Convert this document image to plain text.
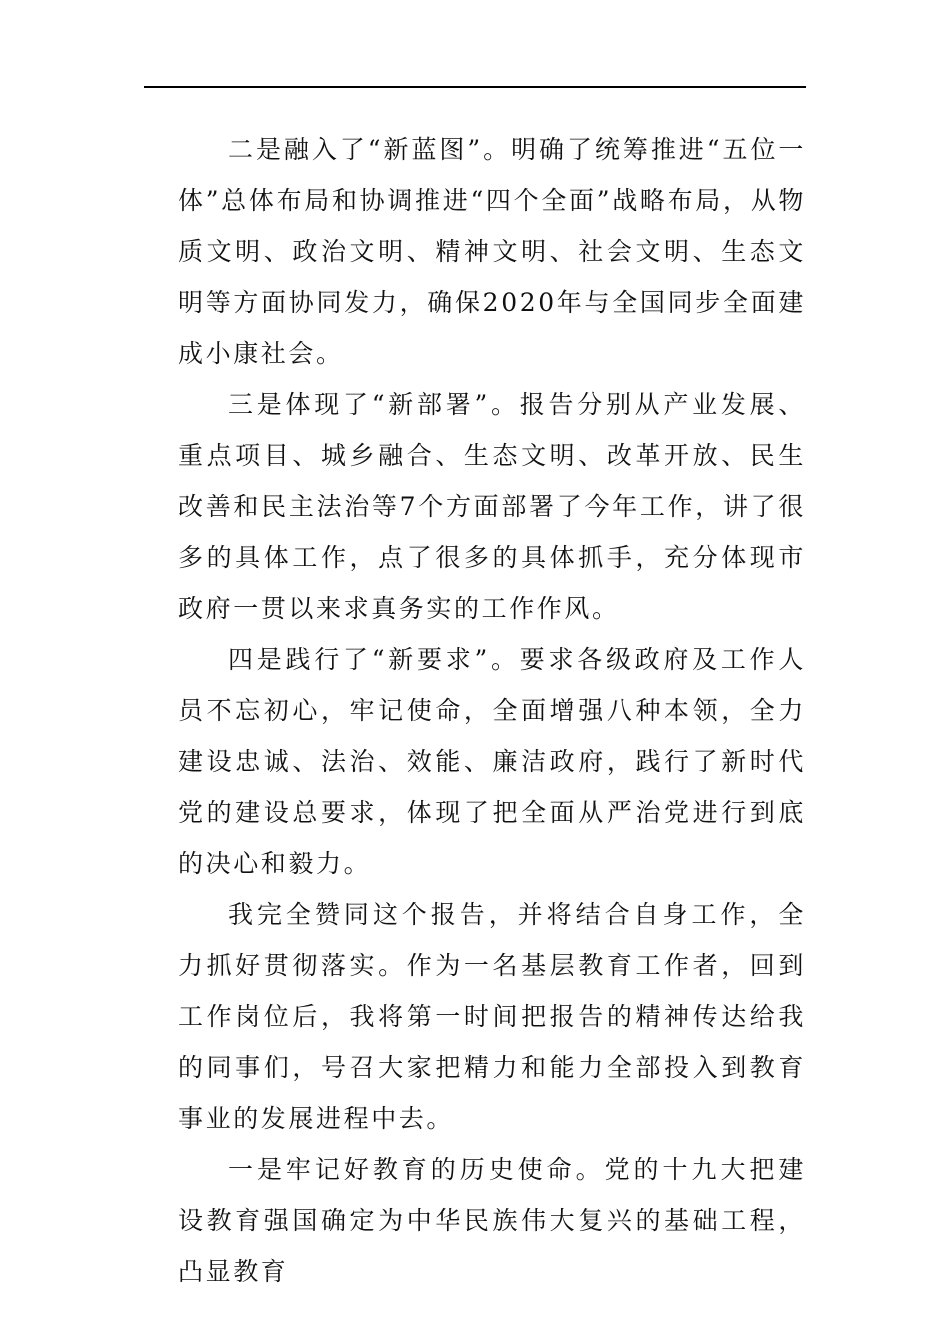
二是融入了“新蓝图”。明确了统筹推进“五位一体”总体布局和协调推进“四个全面”战略布局，从物质文明、政治文明、精神文明、社会文明、生态文明等方面协同发力，确保2020年与全国同步全面建成小康社会。

三是体现了“新部署”。报告分别从产业发展、重点项目、城乡融合、生态文明、改革开放、民生改善和民主法治等7个方面部署了今年工作，讲了很多的具体工作，点了很多的具体抓手，充分体现市政府一贯以来求真务实的工作作风。

四是践行了“新要求”。要求各级政府及工作人员不忘初心，牢记使命，全面增强八种本领，全力建设忠诚、法治、效能、廉洁政府，践行了新时代党的建设总要求，体现了把全面从严治党进行到底的决心和毅力。

我完全赞同这个报告，并将结合自身工作，全力抓好贯彻落实。作为一名基层教育工作者，回到工作岗位后，我将第一时间把报告的精神传达给我的同事们，号召大家把精力和能力全部投入到教育事业的发展进程中去。

一是牢记好教育的历史使命。党的十九大把建设教育强国确定为中华民族伟大复兴的基础工程，凸显教育
